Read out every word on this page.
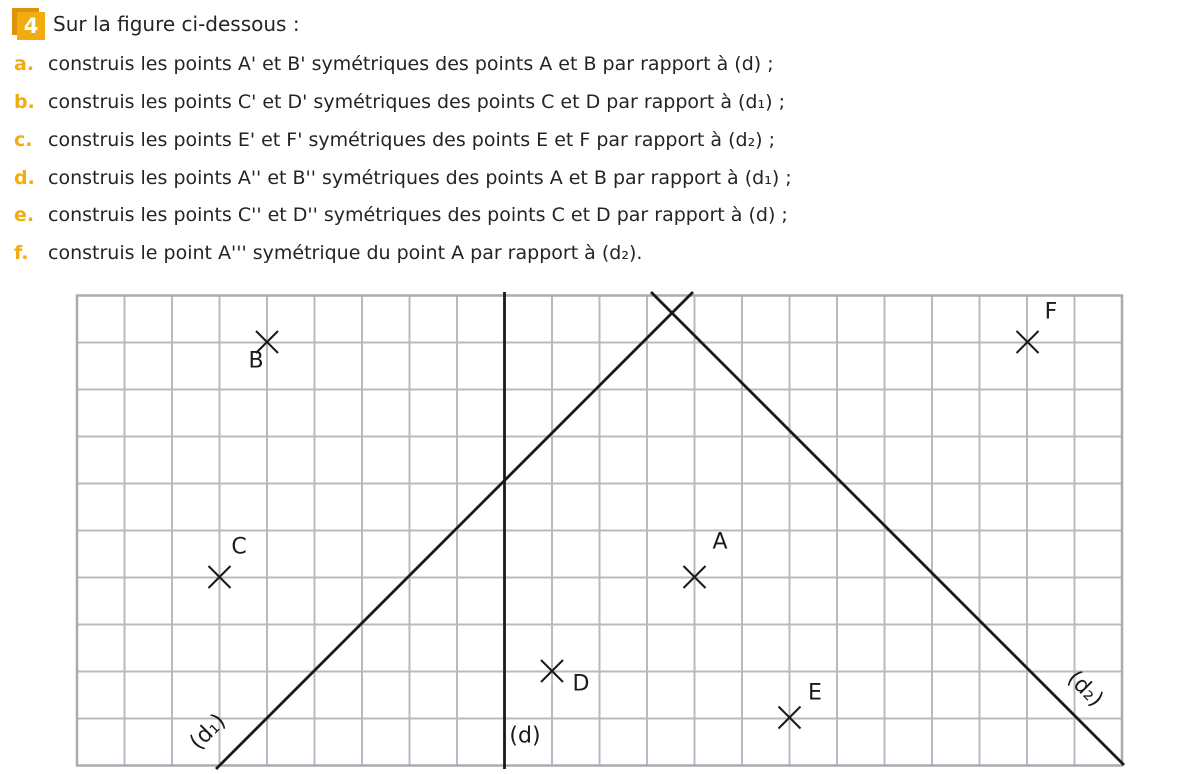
4 Sur la figure ci-dessous :
a. construis les points A' et B' symétriques des points A et B par rapport à (d) ;
b. construis les points C' et D' symétriques des points C et D par rapport à (d₁) ;
c. construis les points E' et F' symétriques des points E et F par rapport à (d₂) ;
d. construis les points A'' et B'' symétriques des points A et B par rapport à (d₁) ;
e. construis les points C'' et D'' symétriques des points C et D par rapport à (d) ;
f. construis le point A''' symétrique du point A par rapport à (d₂).
(d)
(d₁)
(d₂)
A
B
C
D	E
F
